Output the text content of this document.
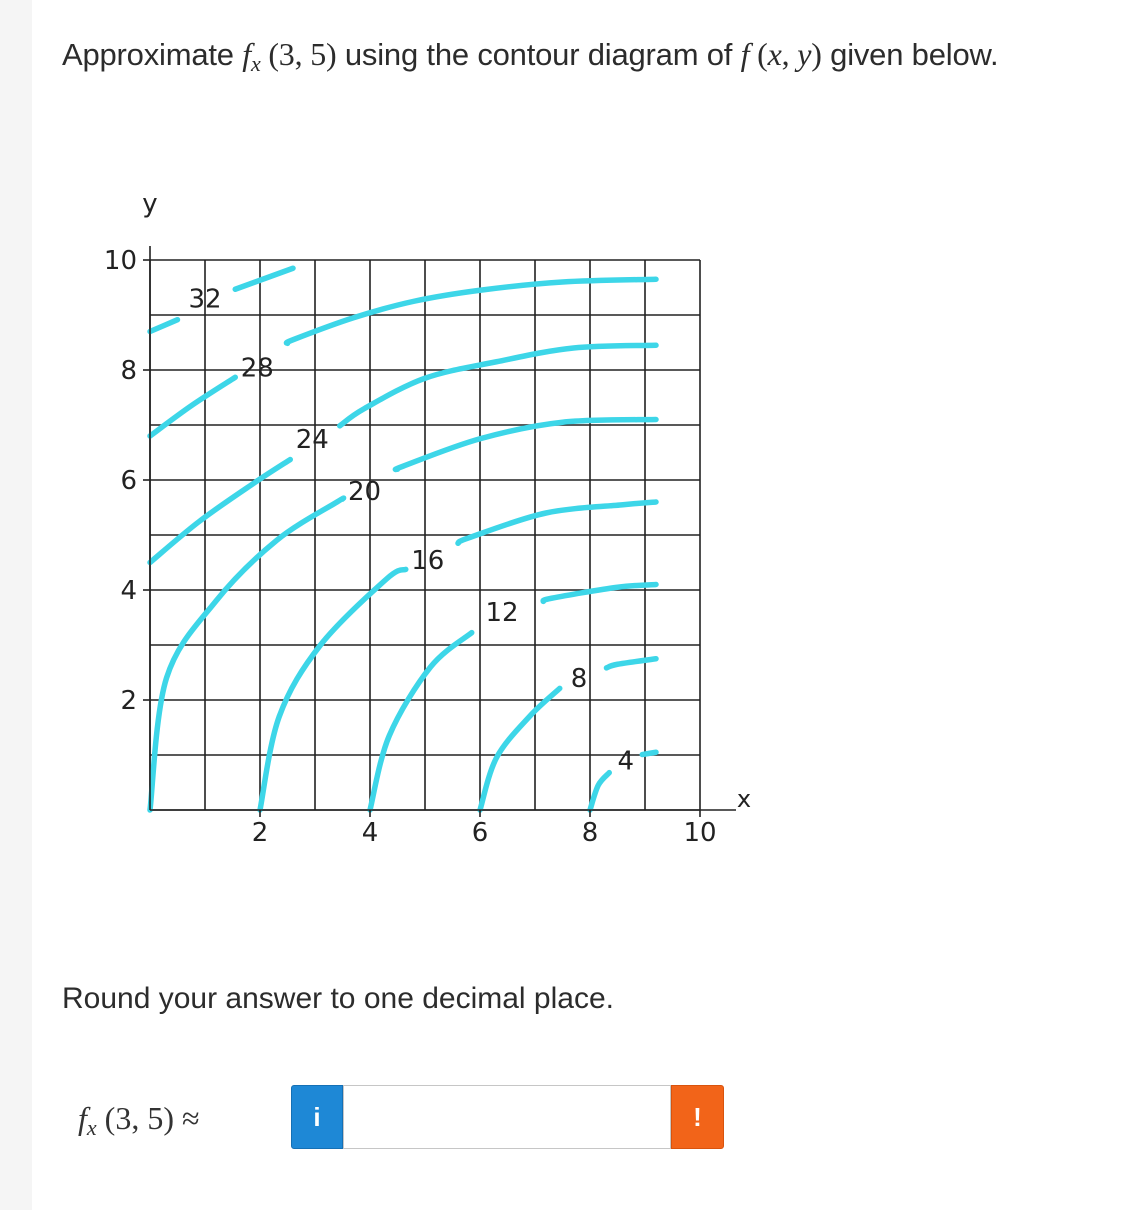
Approximate $f_x$ (3, 5) using the contour diagram of f (x, y) given below.
2	4	6	8	10
2
4
6
8
10
x
y
4
8
12
16
20
24
28
32
Round your answer to one decimal place.
$f_x$ (3, 5) ≈	i	!
